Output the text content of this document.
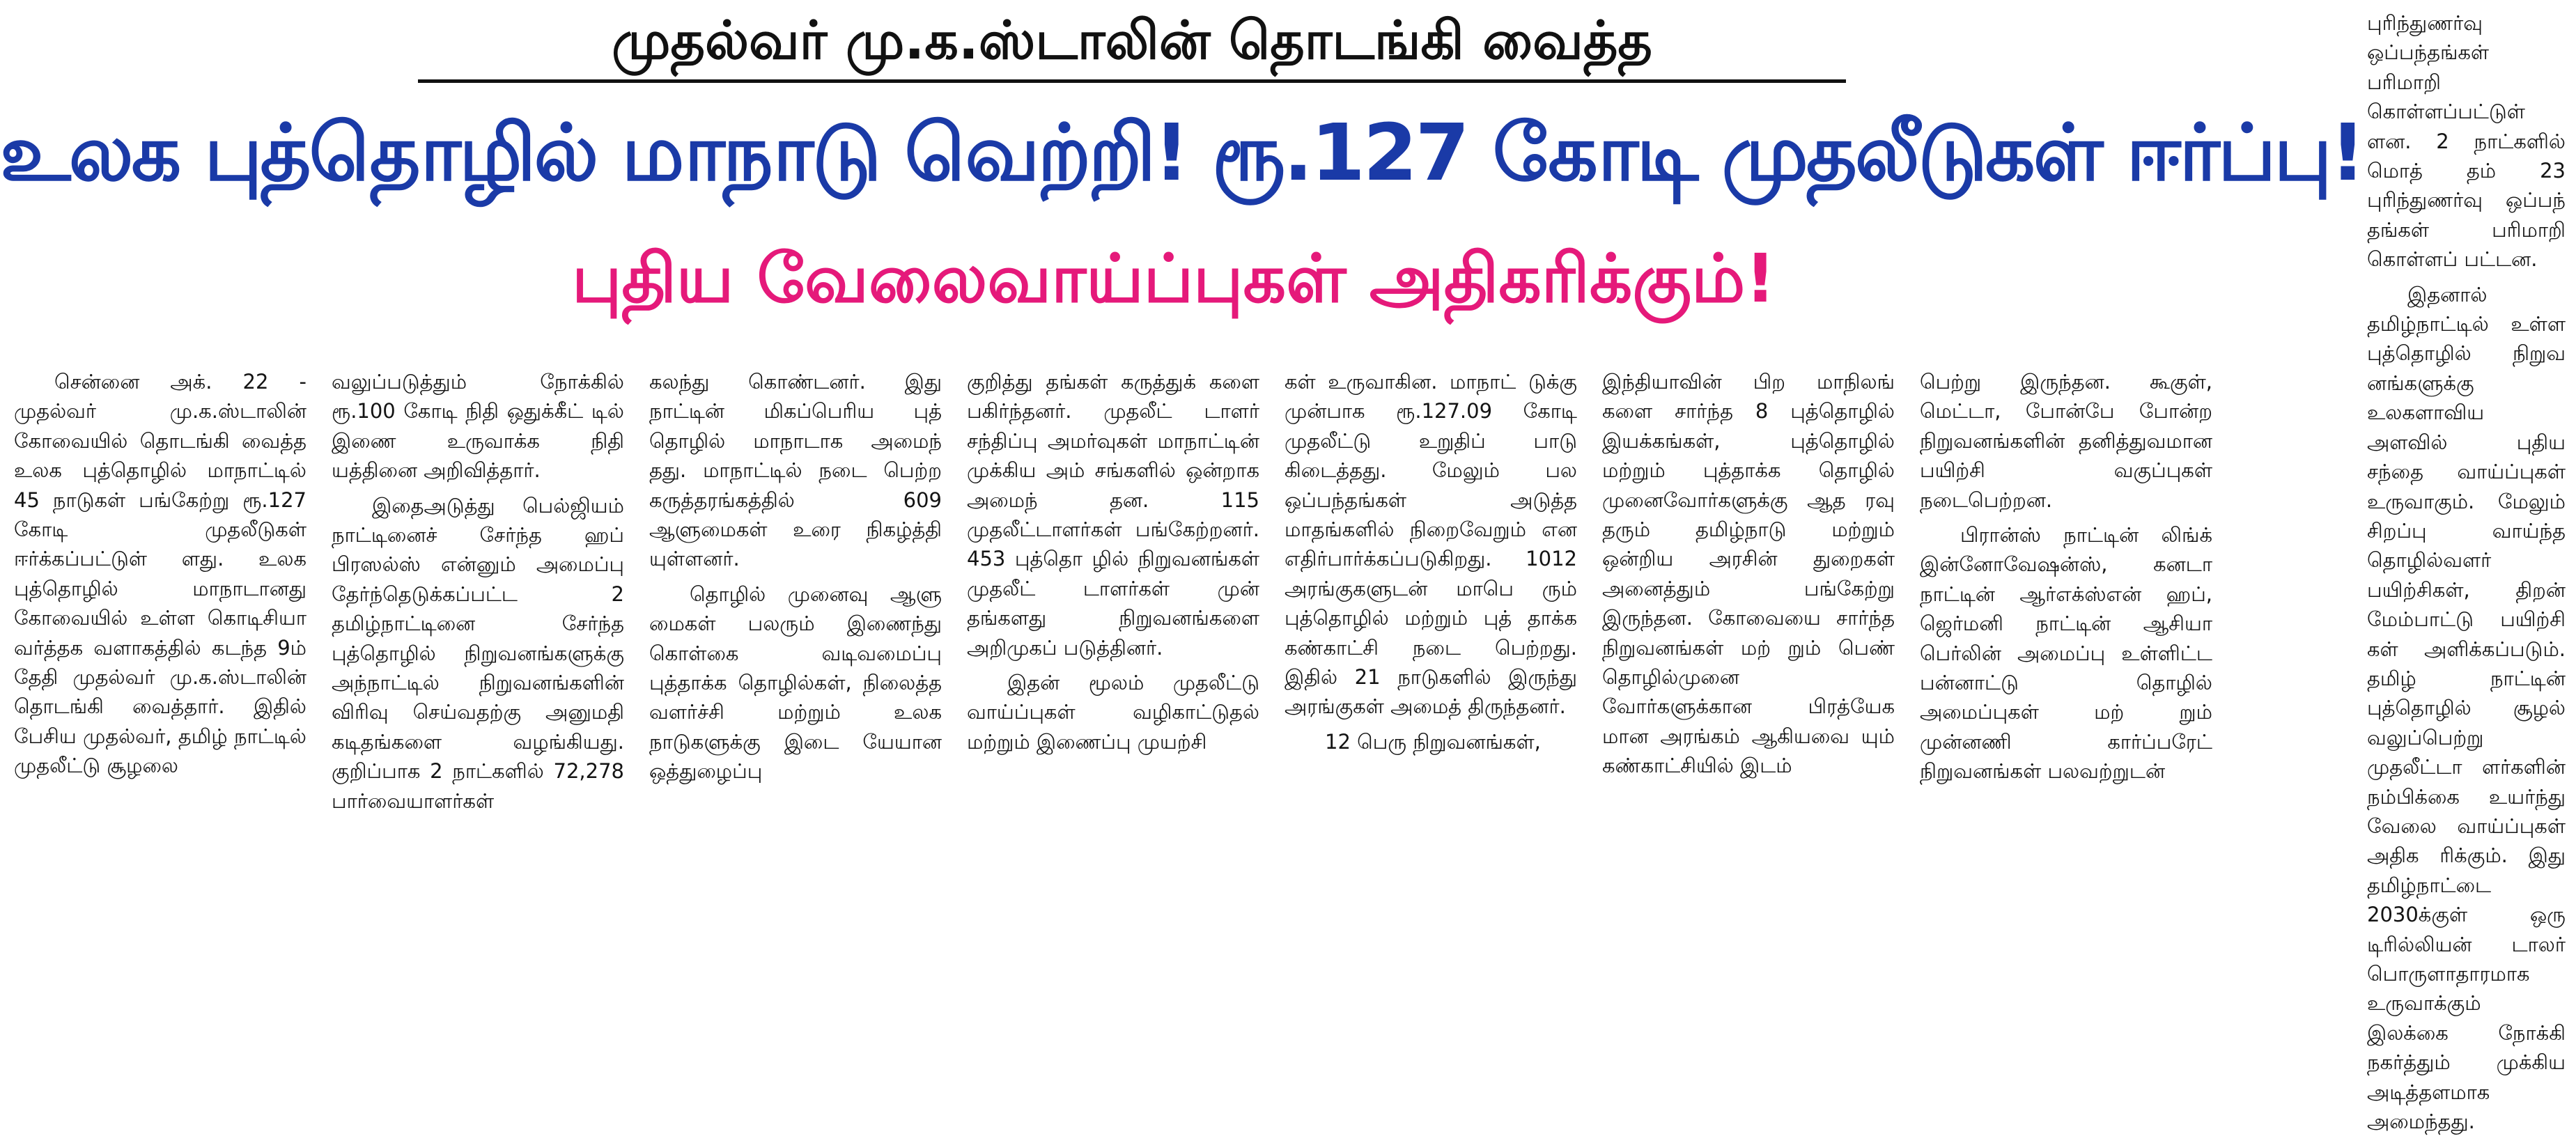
முதல்வர் மு.க.ஸ்டாலின் தொடங்கி வைத்த
உலக புத்தொழில் மாநாடு வெற்றி! ரூ.127 கோடி முதலீடுகள் ஈர்ப்பு!
புதிய வேலைவாய்ப்புகள் அதிகரிக்கும்!

சென்னை அக். 22 - முதல்வர் மு.க.ஸ்டாலின் கோவையில் தொடங்கி வைத்த உலக புத்தொழில் மாநாட்டில் 45 நாடுகள் பங்கேற்று ரூ.127 கோடி முதலீடுகள் ஈர்க்கப்பட்டுள் ளது. உலக புத்தொழில் மாநாடானது கோவையில் உள்ள கொடிசியா வர்த்தக வளாகத்தில் கடந்த 9ம் தேதி முதல்வர் மு.க.ஸ்டாலின் தொடங்கி வைத்தார். இதில் பேசிய முதல்வர், தமிழ் நாட்டில் முதலீட்டு சூழலை

வலுப்படுத்தும் நோக்கில் ரூ.100 கோடி நிதி ஒதுக்கீட் டில் இணை உருவாக்க நிதி யத்தினை அறிவித்தார்.

இதைஅடுத்து பெல்ஜியம் நாட்டினைச் சேர்ந்த ஹப் பிரஸல்ஸ் என்னும் அமைப்பு தேர்ந்தெடுக்கப்பட்ட 2 தமிழ்நாட்டினை சேர்ந்த புத்தொழில் நிறுவனங்களுக்கு அந்நாட்டில் நிறுவனங்களின் விரிவு செய்வதற்கு அனுமதி கடிதங்களை வழங்கியது. குறிப்பாக 2 நாட்களில் 72,278 பார்வையாளர்கள்

கலந்து கொண்டனர். இது நாட்டின் மிகப்பெரிய புத் தொழில் மாநாடாக அமைந் தது. மாநாட்டில் நடை பெற்ற கருத்தரங்கத்தில் 609 ஆளுமைகள் உரை நிகழ்த்தி யுள்ளனர்.

தொழில் முனைவு ஆளு மைகள் பலரும் இணைந்து கொள்கை வடிவமைப்பு புத்தாக்க தொழில்கள், நிலைத்த வளர்ச்சி மற்றும் உலக நாடுகளுக்கு இடை யேயான ஒத்துழைப்பு

குறித்து தங்கள் கருத்துக் களை பகிர்ந்தனர். முதலீட் டாளர் சந்திப்பு அமர்வுகள் மாநாட்டின் முக்கிய அம் சங்களில் ஒன்றாக அமைந் தன. 115 முதலீட்டாளர்கள் பங்கேற்றனர். 453 புத்தொ ழில் நிறுவனங்கள் முதலீட் டாளர்கள் முன் தங்களது நிறுவனங்களை அறிமுகப் படுத்தினர்.

இதன் மூலம் முதலீட்டு வாய்ப்புகள் வழிகாட்டுதல் மற்றும் இணைப்பு முயற்சி

கள் உருவாகின. மாநாட் டுக்கு முன்பாக ரூ.127.09 கோடி முதலீட்டு உறுதிப் பாடு கிடைத்தது. மேலும் பல ஒப்பந்தங்கள் அடுத்த மாதங்களில் நிறைவேறும் என எதிர்பார்க்கப்படுகிறது. 1012 அரங்குகளுடன் மாபெ ரும் புத்தொழில் மற்றும் புத் தாக்க கண்காட்சி நடை பெற்றது. இதில் 21 நாடுகளில் இருந்து அரங்குகள் அமைத் திருந்தனர்.

12 பெரு நிறுவனங்கள்,

இந்தியாவின் பிற மாநிலங் களை சார்ந்த 8 புத்தொழில் இயக்கங்கள், புத்தொழில் மற்றும் புத்தாக்க தொழில் முனைவோர்களுக்கு ஆத ரவு தரும் தமிழ்நாடு மற்றும் ஒன்றிய அரசின் துறைகள் அனைத்தும் பங்கேற்று இருந்தன. கோவையை சார்ந்த நிறுவனங்கள் மற் றும் பெண் தொழில்முனை வோர்களுக்கான பிரத்யேக மான அரங்கம் ஆகியவை யும் கண்காட்சியில் இடம்

பெற்று இருந்தன. கூகுள், மெட்டா, போன்பே போன்ற நிறுவனங்களின் தனித்துவமான பயிற்சி வகுப்புகள் நடைபெற்றன.

பிரான்ஸ் நாட்டின் லிங்க் இன்னோவேஷன்ஸ், கனடா நாட்டின் ஆர்எக்ஸ்என் ஹப், ஜெர்மனி நாட்டின் ஆசியா பெர்லின் அமைப்பு உள்ளிட்ட பன்னாட்டு தொழில் அமைப்புகள் மற் றும் முன்னணி கார்ப்பரேட் நிறுவனங்கள் பலவற்றுடன்

புரிந்துணர்வு ஒப்பந்தங்கள் பரிமாறி கொள்ளப்பட்டுள் ளன. 2 நாட்களில் மொத் தம் 23 புரிந்துணர்வு ஒப்பந் தங்கள் பரிமாறி கொள்ளப் பட்டன.

இதனால் தமிழ்நாட்டில் உள்ள புத்தொழில் நிறுவ னங்களுக்கு உலகளாவிய அளவில் புதிய சந்தை வாய்ப்புகள் உருவாகும். மேலும் சிறப்பு வாய்ந்த தொழில்வளர் பயிற்சிகள், திறன் மேம்பாட்டு பயிற்சி கள் அளிக்கப்படும். தமிழ் நாட்டின் புத்தொழில் சூழல் வலுப்பெற்று முதலீட்டா ளர்களின் நம்பிக்கை உயர்ந்து வேலை வாய்ப்புகள் அதிக ரிக்கும். இது தமிழ்நாட்டை 2030க்குள் ஒரு டிரில்லியன் டாலர் பொருளாதாரமாக உருவாக்கும் இலக்கை நோக்கி நகர்த்தும் முக்கிய அடித்தளமாக அமைந்தது.
